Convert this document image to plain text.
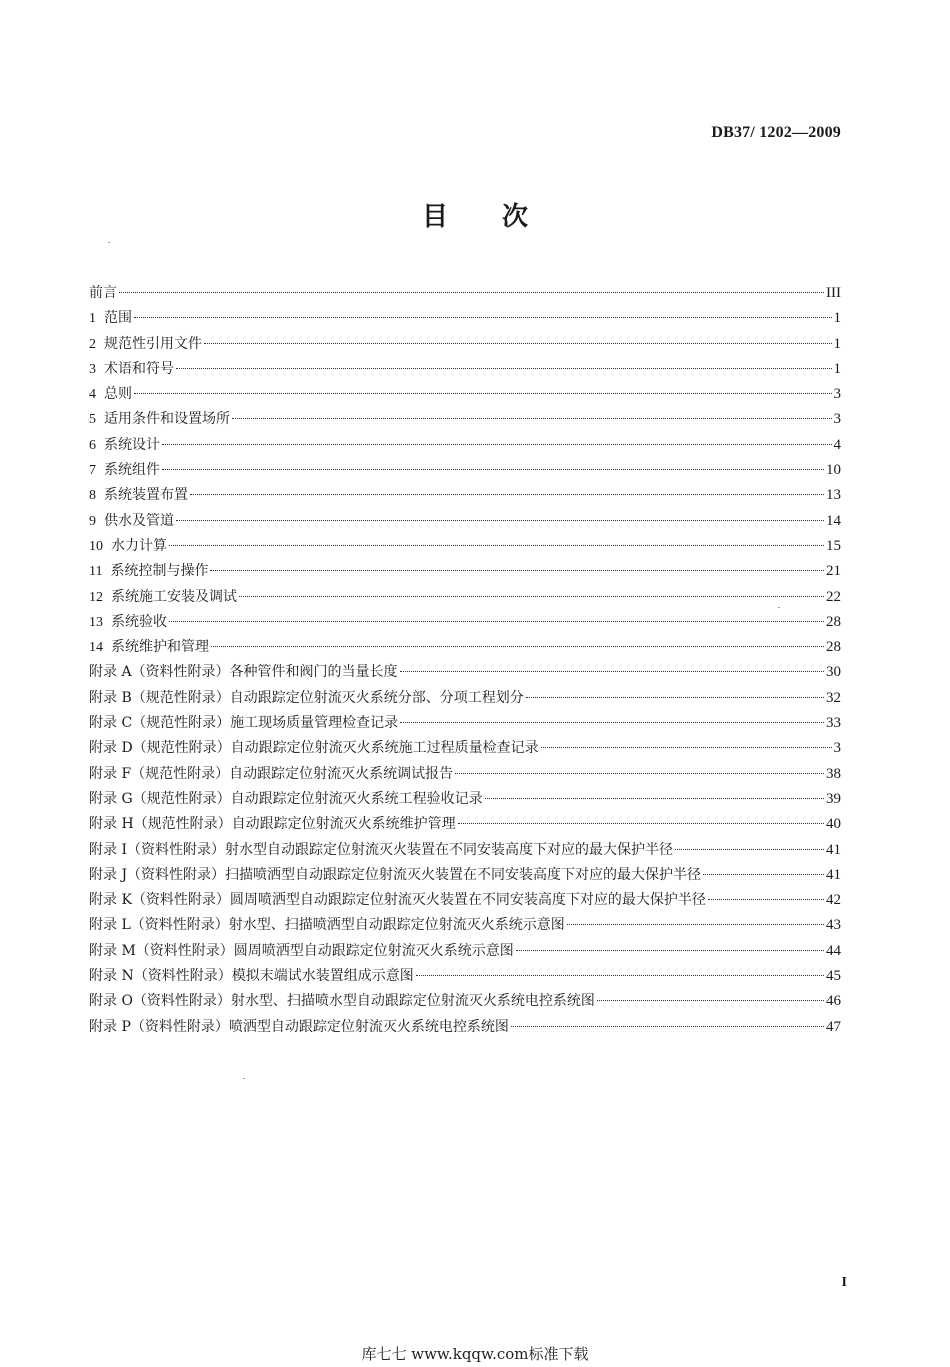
DB37/ 1202—2009
目 次
前言	III
1 范围	1
2 规范性引用文件	1
3 术语和符号	1
4 总则	3
5 适用条件和设置场所	3
6 系统设计	4
7 系统组件	10
8 系统装置布置	13
9 供水及管道	14
10 水力计算	15
11 系统控制与操作	21
12 系统施工安装及调试	22
13 系统验收	28
14 系统维护和管理	28
附录 A（资料性附录）各种管件和阀门的当量长度	30
附录 B（规范性附录）自动跟踪定位射流灭火系统分部、分项工程划分	32
附录 C（规范性附录）施工现场质量管理检查记录	33
附录 D（规范性附录）自动跟踪定位射流灭火系统施工过程质量检查记录	3
附录 F（规范性附录）自动跟踪定位射流灭火系统调试报告	38
附录 G（规范性附录）自动跟踪定位射流灭火系统工程验收记录	39
附录 H（规范性附录）自动跟踪定位射流灭火系统维护管理	40
附录 I（资料性附录）射水型自动跟踪定位射流灭火装置在不同安装高度下对应的最大保护半径	41
附录 J（资料性附录）扫描喷洒型自动跟踪定位射流灭火装置在不同安装高度下对应的最大保护半径	41
附录 K（资料性附录）圆周喷洒型自动跟踪定位射流灭火装置在不同安装高度下对应的最大保护半径	42
附录 L（资料性附录）射水型、扫描喷洒型自动跟踪定位射流灭火系统示意图	43
附录 M（资料性附录）圆周喷洒型自动跟踪定位射流灭火系统示意图	44
附录 N（资料性附录）模拟末端试水装置组成示意图	45
附录 O（资料性附录）射水型、扫描喷水型自动跟踪定位射流灭火系统电控系统图	46
附录 P（资料性附录）喷洒型自动跟踪定位射流灭火系统电控系统图	47
I
库七七 www.kqqw.com标准下载
